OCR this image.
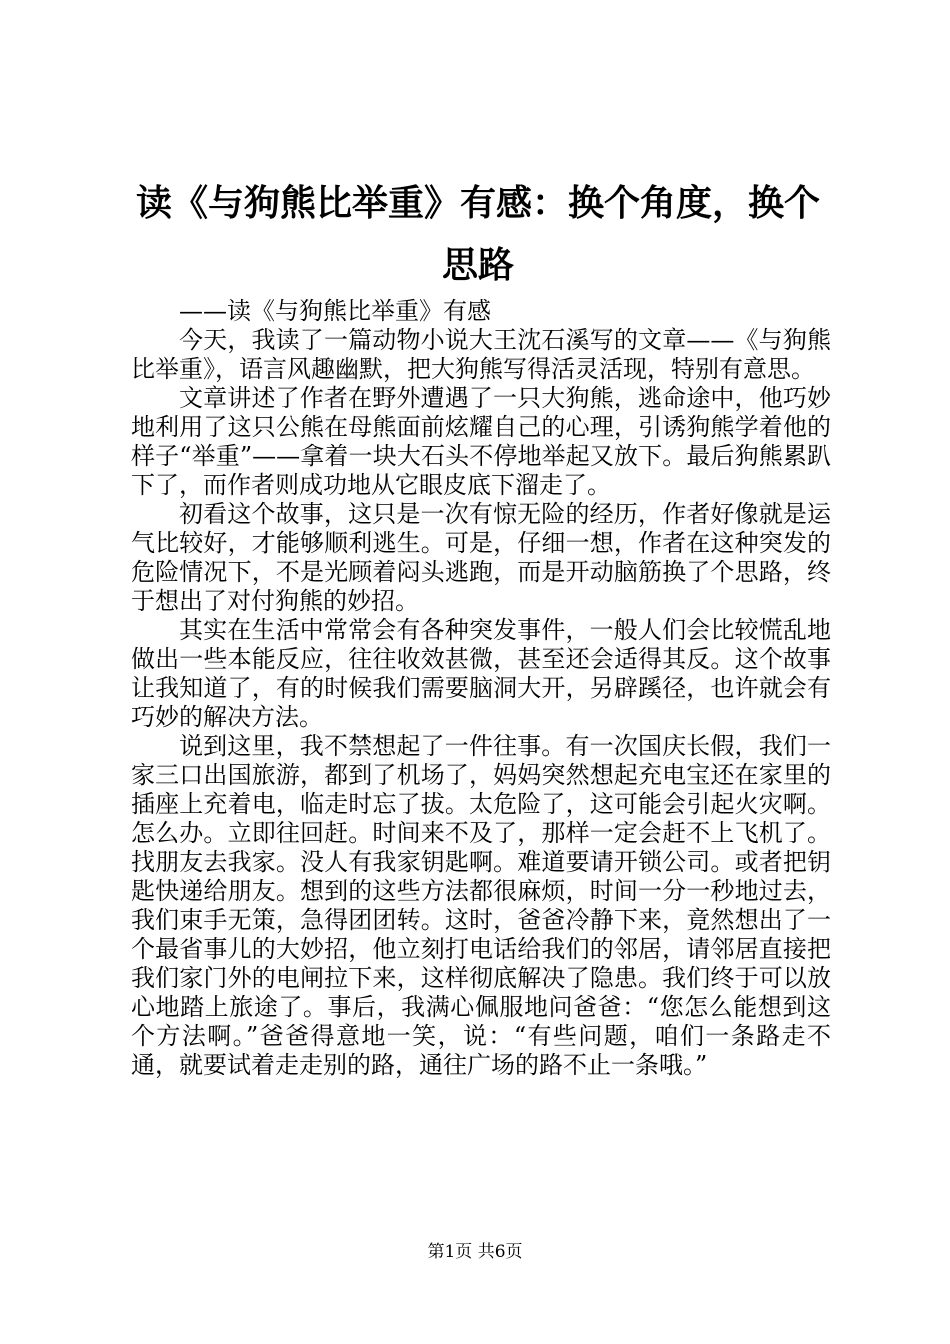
读《与狗熊比举重》有感：换个角度，换个思路

——读《与狗熊比举重》有感

今天，我读了一篇动物小说大王沈石溪写的文章——《与狗熊比举重》，语言风趣幽默，把大狗熊写得活灵活现，特别有意思。

文章讲述了作者在野外遭遇了一只大狗熊，逃命途中，他巧妙地利用了这只公熊在母熊面前炫耀自己的心理，引诱狗熊学着他的样子“举重”——拿着一块大石头不停地举起又放下。最后狗熊累趴下了，而作者则成功地从它眼皮底下溜走了。

初看这个故事，这只是一次有惊无险的经历，作者好像就是运气比较好，才能够顺利逃生。可是，仔细一想，作者在这种突发的危险情况下，不是光顾着闷头逃跑，而是开动脑筋换了个思路，终于想出了对付狗熊的妙招。

其实在生活中常常会有各种突发事件，一般人们会比较慌乱地做出一些本能反应，往往收效甚微，甚至还会适得其反。这个故事让我知道了，有的时候我们需要脑洞大开，另辟蹊径，也许就会有巧妙的解决方法。

说到这里，我不禁想起了一件往事。有一次国庆长假，我们一家三口出国旅游，都到了机场了，妈妈突然想起充电宝还在家里的插座上充着电，临走时忘了拔。太危险了，这可能会引起火灾啊。怎么办。立即往回赶。时间来不及了，那样一定会赶不上飞机了。找朋友去我家。没人有我家钥匙啊。难道要请开锁公司。或者把钥匙快递给朋友。想到的这些方法都很麻烦，时间一分一秒地过去，我们束手无策，急得团团转。这时，爸爸冷静下来，竟然想出了一个最省事儿的大妙招，他立刻打电话给我们的邻居，请邻居直接把我们家门外的电闸拉下来，这样彻底解决了隐患。我们终于可以放心地踏上旅途了。事后，我满心佩服地问爸爸：“您怎么能想到这个方法啊。”爸爸得意地一笑，说：“有些问题，咱们一条路走不通，就要试着走走别的路，通往广场的路不止一条哦。”

第1页 共6页
